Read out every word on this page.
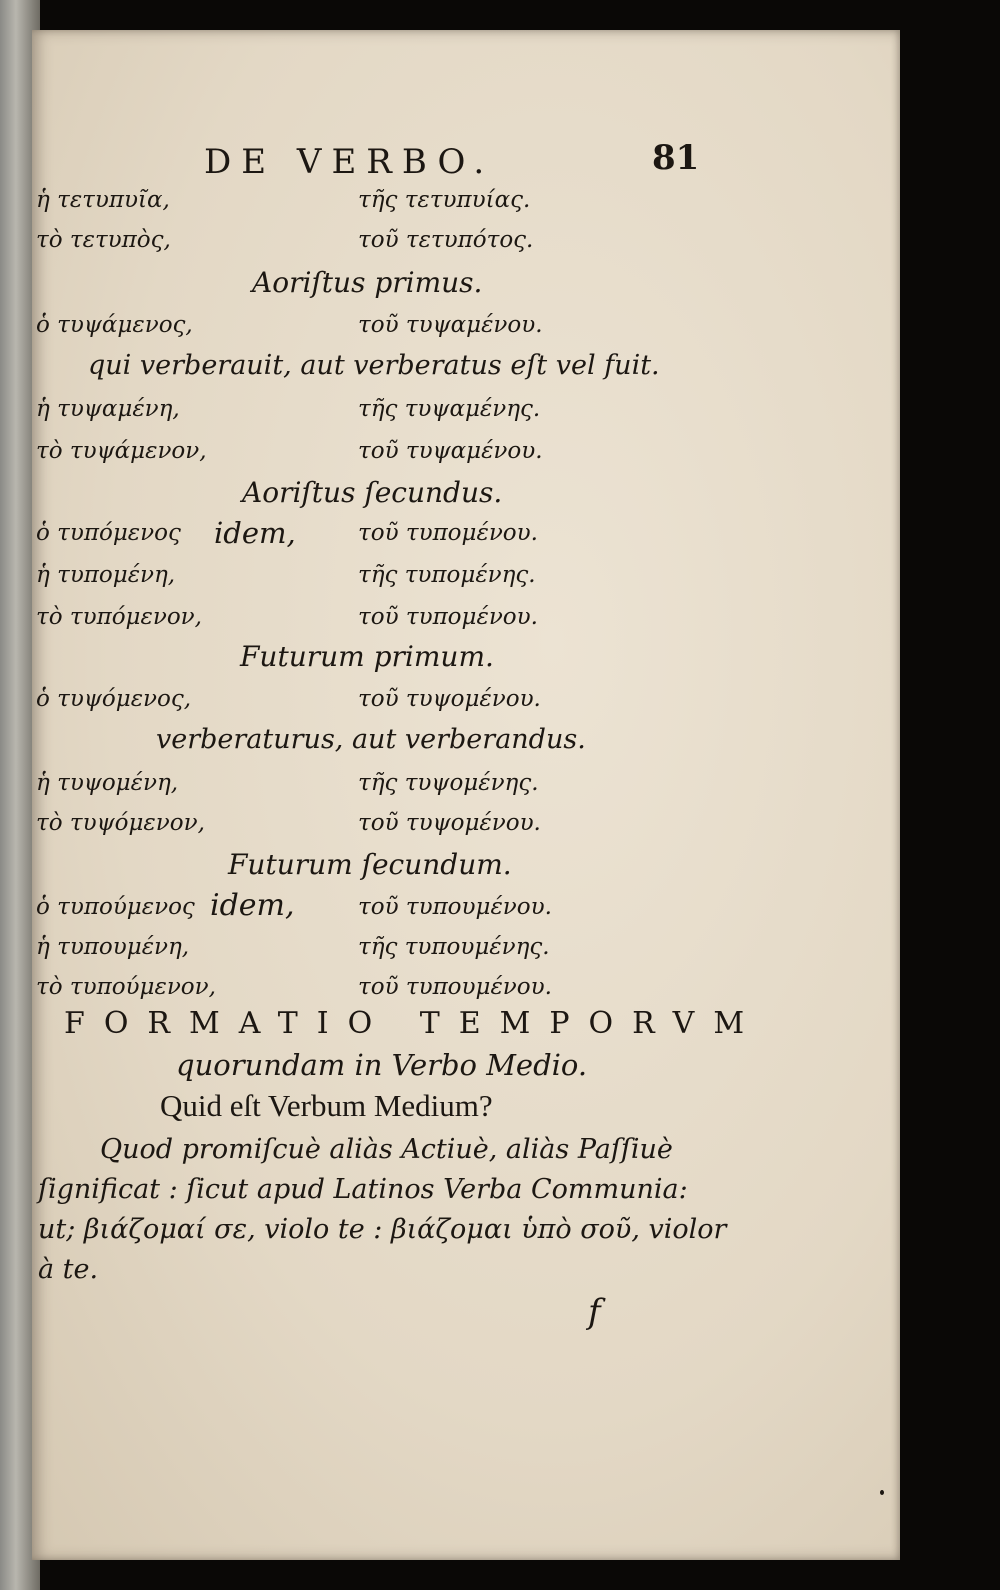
DE VERBO.	81
ἡ τετυπυῖα,	τῆς τετυπυίας.
τὸ τετυπὸς,	τοῦ τετυπότος.
Aoriſtus primus.
ὁ τυψάμενος,	τοῦ τυψαμένου.
qui verberauit, aut verberatus eſt vel fuit.
ἡ τυψαμένη,	τῆς τυψαμένης.
τὸ τυψάμενον,	τοῦ τυψαμένου.
Aoriſtus ſecundus.
ὁ τυπόμενος idem,	τοῦ τυπομένου.
ἡ τυπομένη,	τῆς τυπομένης.
τὸ τυπόμενον,	τοῦ τυπομένου.
Futurum primum.
ὁ τυψόμενος,	τοῦ τυψομένου.
verberaturus, aut verberandus.
ἡ τυψομένη,	τῆς τυψομένης.
τὸ τυψόμενον,	τοῦ τυψομένου.
Futurum ſecundum.
ὁ τυπούμενος idem,	τοῦ τυπουμένου.
ἡ τυπουμένη,	τῆς τυπουμένης.
τὸ τυπούμενον,	τοῦ τυπουμένου.
FORMATIO TEMPORVM
quorundam in Verbo Medio.
Quid eſt Verbum Medium?
Quod promiſcuè aliàs Actiuè, aliàs Paſſiuè
ſignificat : ſicut apud Latinos Verba Communia:
ut; βιάζομαί σε, violo te : βιάζομαι ὑπὸ σοῦ, violor
à te.
f
